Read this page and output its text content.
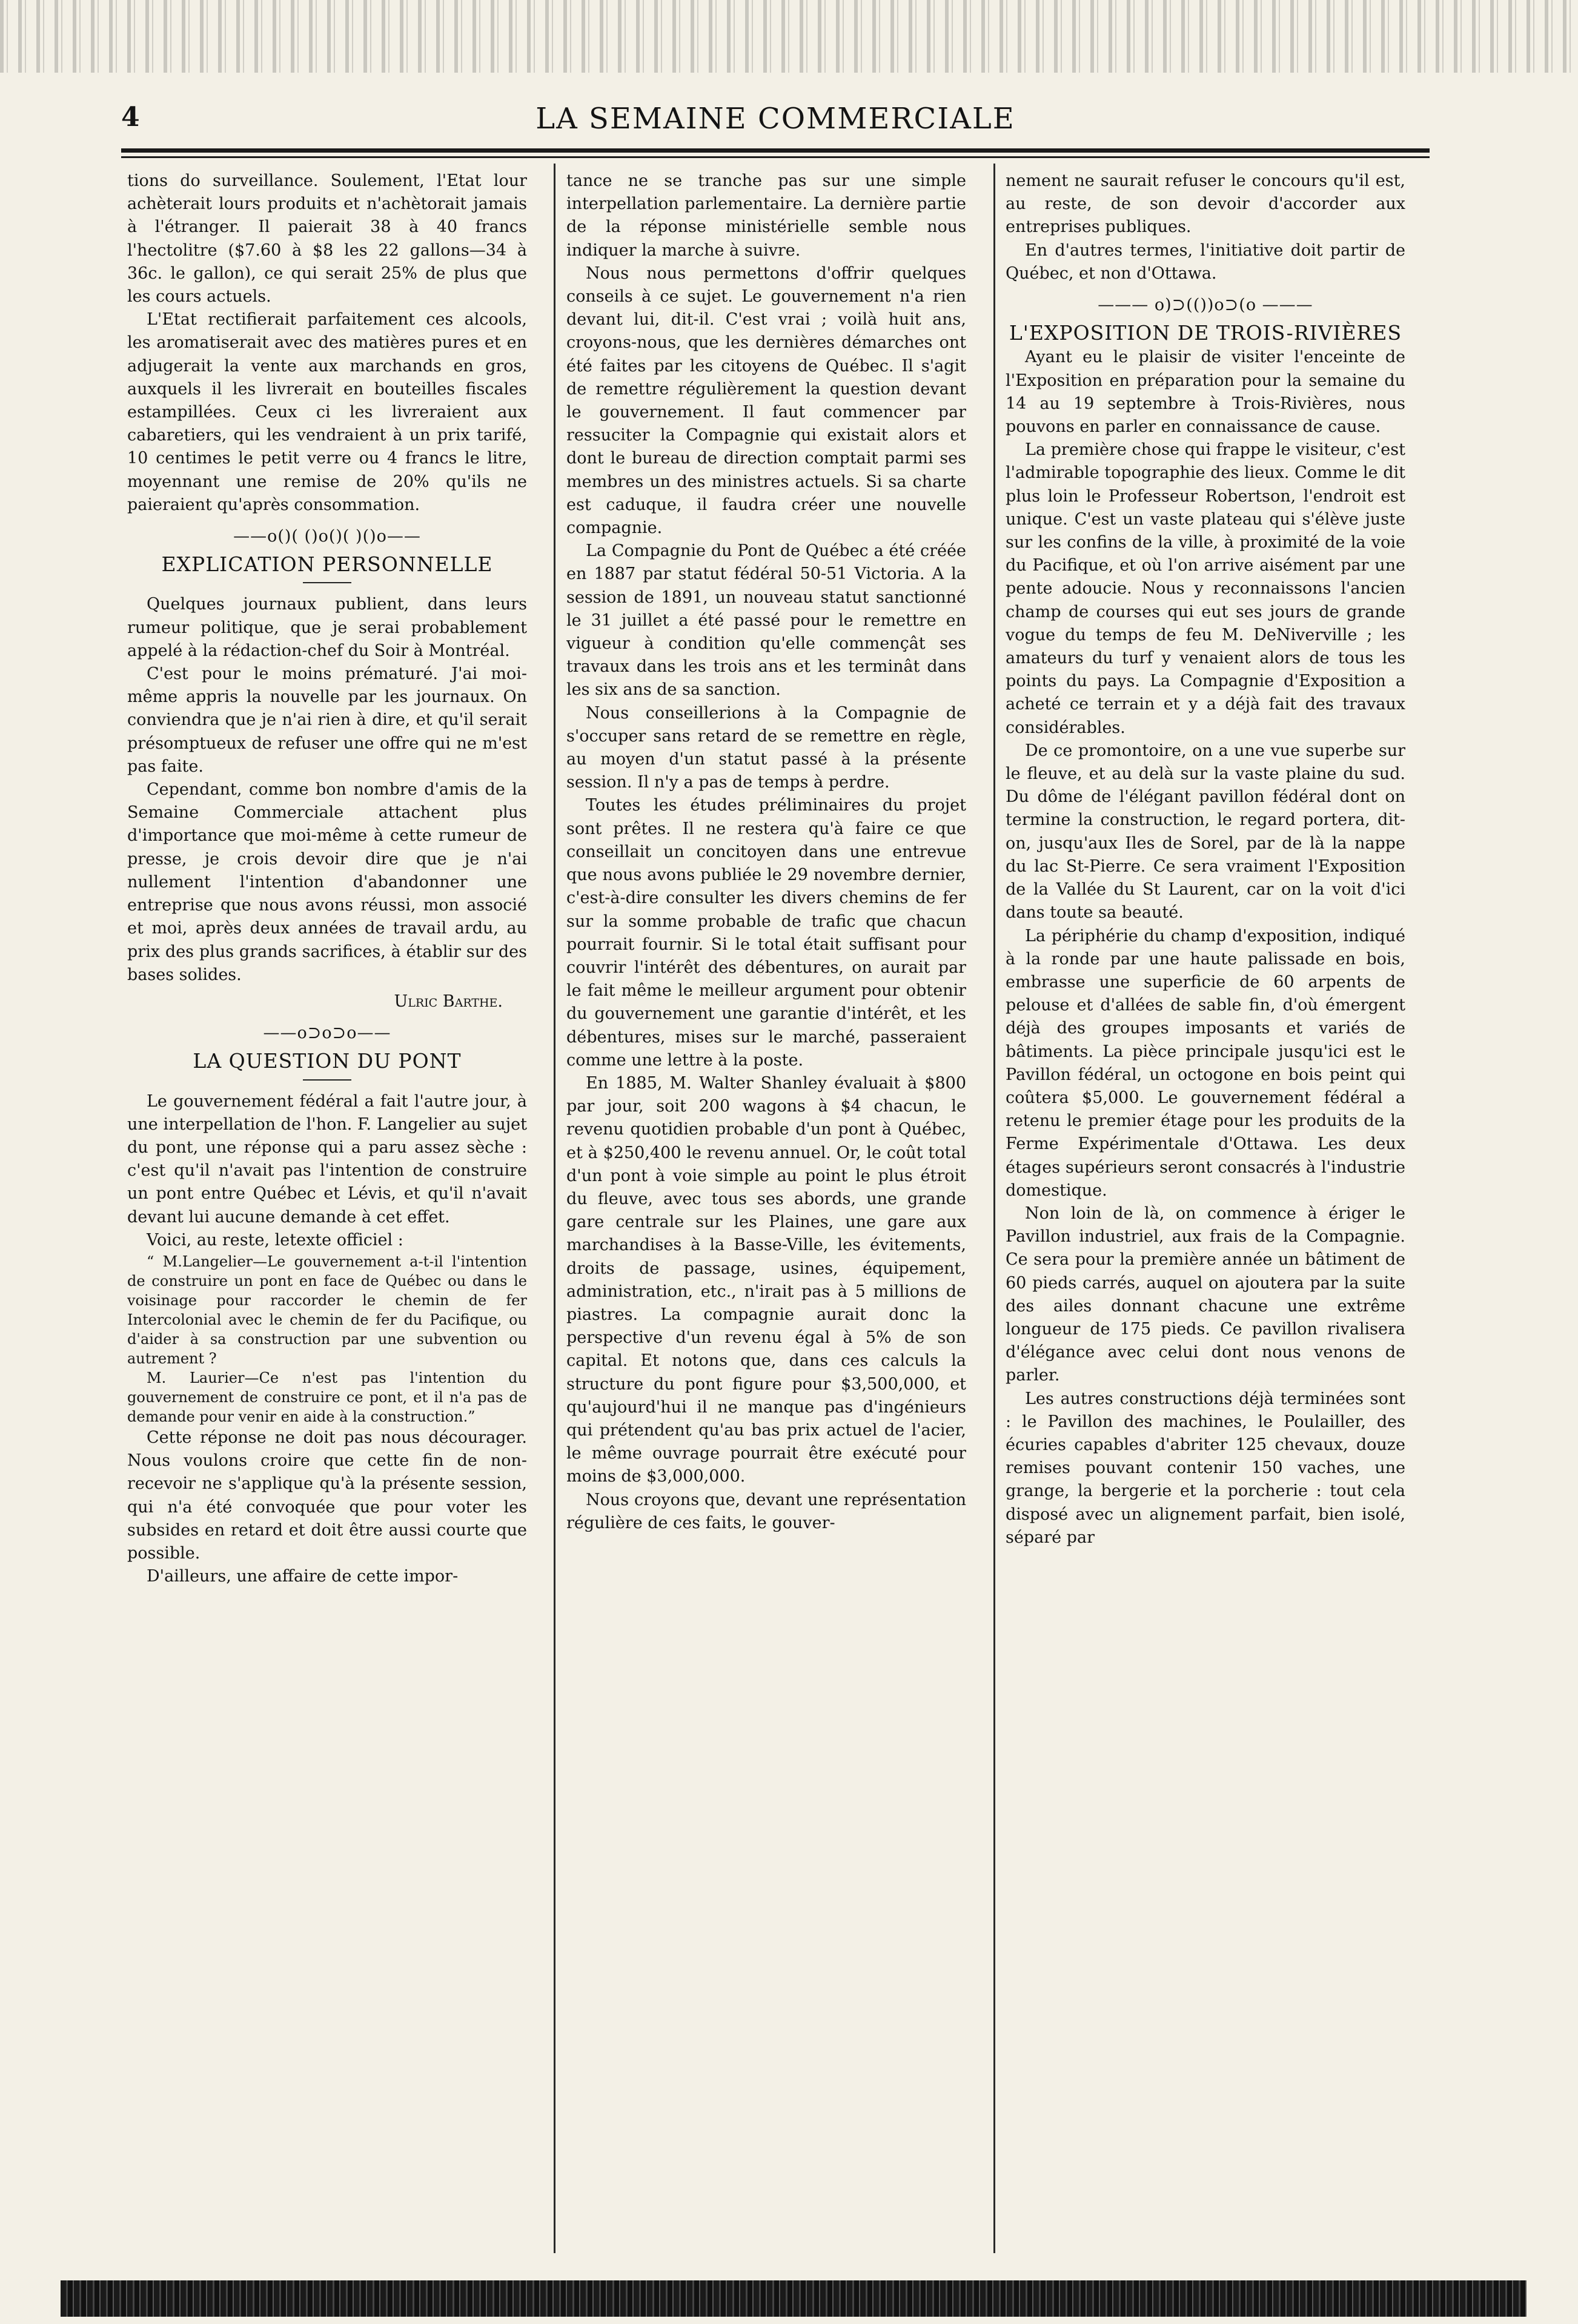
4	LA SEMAINE COMMERCIALE

tions do surveillance. Soulement, l'Etat lour achèterait lours produits et n'achètorait jamais à l'étranger. Il paierait 38 à 40 francs l'hectolitre ($7.60 à $8 les 22 gallons—34 à 36c. le gallon), ce qui serait 25% de plus que les cours actuels.

L'Etat rectifierait parfaitement ces alcools, les aromatiserait avec des matières pures et en adjugerait la vente aux marchands en gros, auxquels il les livrerait en bouteilles fiscales estampillées. Ceux ci les livreraient aux cabaretiers, qui les vendraient à un prix tarifé, 10 centimes le petit verre ou 4 francs le litre, moyennant une remise de 20% qu'ils ne paieraient qu'après consommation.

——o()( ()o()( )()o——
EXPLICATION PERSONNELLE

Quelques journaux publient, dans leurs rumeur politique, que je serai probablement appelé à la rédaction-chef du Soir à Montréal.

C'est pour le moins prématuré. J'ai moi-même appris la nouvelle par les journaux. On conviendra que je n'ai rien à dire, et qu'il serait présomptueux de refuser une offre qui ne m'est pas faite.

Cependant, comme bon nombre d'amis de la Semaine Commerciale attachent plus d'importance que moi-même à cette rumeur de presse, je crois devoir dire que je n'ai nullement l'intention d'abandonner une entreprise que nous avons réussi, mon associé et moi, après deux années de travail ardu, au prix des plus grands sacrifices, à établir sur des bases solides.

Ulric Barthe.
——o⊃o⊃o——
LA QUESTION DU PONT

Le gouvernement fédéral a fait l'autre jour, à une interpellation de l'hon. F. Langelier au sujet du pont, une réponse qui a paru assez sèche : c'est qu'il n'avait pas l'intention de construire un pont entre Québec et Lévis, et qu'il n'avait devant lui aucune demande à cet effet.

Voici, au reste, letexte officiel :

“ M.Langelier—Le gouvernement a-t-il l'intention de construire un pont en face de Québec ou dans le voisinage pour raccorder le chemin de fer Intercolonial avec le chemin de fer du Pacifique, ou d'aider à sa construction par une subvention ou autrement ?

M. Laurier—Ce n'est pas l'intention du gouvernement de construire ce pont, et il n'a pas de demande pour venir en aide à la construction.”

Cette réponse ne doit pas nous décourager. Nous voulons croire que cette fin de non-recevoir ne s'applique qu'à la présente session, qui n'a été convoquée que pour voter les subsides en retard et doit être aussi courte que possible.

D'ailleurs, une affaire de cette impor-

tance ne se tranche pas sur une simple interpellation parlementaire. La dernière partie de la réponse ministérielle semble nous indiquer la marche à suivre.

Nous nous permettons d'offrir quelques conseils à ce sujet. Le gouvernement n'a rien devant lui, dit-il. C'est vrai ; voilà huit ans, croyons-nous, que les dernières démarches ont été faites par les citoyens de Québec. Il s'agit de remettre régulièrement la question devant le gouvernement. Il faut commencer par ressuciter la Compagnie qui existait alors et dont le bureau de direction comptait parmi ses membres un des ministres actuels. Si sa charte est caduque, il faudra créer une nouvelle compagnie.

La Compagnie du Pont de Québec a été créée en 1887 par statut fédéral 50-51 Victoria. A la session de 1891, un nouveau statut sanctionné le 31 juillet a été passé pour le remettre en vigueur à condition qu'elle commençât ses travaux dans les trois ans et les terminât dans les six ans de sa sanction.

Nous conseillerions à la Compagnie de s'occuper sans retard de se remettre en règle, au moyen d'un statut passé à la présente session. Il n'y a pas de temps à perdre.

Toutes les études préliminaires du projet sont prêtes. Il ne restera qu'à faire ce que conseillait un concitoyen dans une entrevue que nous avons publiée le 29 novembre dernier, c'est-à-dire consulter les divers chemins de fer sur la somme probable de trafic que chacun pourrait fournir. Si le total était suffisant pour couvrir l'intérêt des débentures, on aurait par le fait même le meilleur argument pour obtenir du gouvernement une garantie d'intérêt, et les débentures, mises sur le marché, passeraient comme une lettre à la poste.

En 1885, M. Walter Shanley évaluait à $800 par jour, soit 200 wagons à $4 chacun, le revenu quotidien probable d'un pont à Québec, et à $250,400 le revenu annuel. Or, le coût total d'un pont à voie simple au point le plus étroit du fleuve, avec tous ses abords, une grande gare centrale sur les Plaines, une gare aux marchandises à la Basse-Ville, les évitements, droits de passage, usines, équipement, administration, etc., n'irait pas à 5 millions de piastres. La compagnie aurait donc la perspective d'un revenu égal à 5% de son capital. Et notons que, dans ces calculs la structure du pont figure pour $3,500,000, et qu'aujourd'hui il ne manque pas d'ingénieurs qui prétendent qu'au bas prix actuel de l'acier, le même ouvrage pourrait être exécuté pour moins de $3,000,000.

Nous croyons que, devant une représentation régulière de ces faits, le gouver-

nement ne saurait refuser le concours qu'il est, au reste, de son devoir d'accorder aux entreprises publiques.

En d'autres termes, l'initiative doit partir de Québec, et non d'Ottawa.

——— o)⊃(())o⊃(o ———
L'EXPOSITION DE TROIS-RIVIÈRES

Ayant eu le plaisir de visiter l'enceinte de l'Exposition en préparation pour la semaine du 14 au 19 septembre à Trois-Rivières, nous pouvons en parler en connaissance de cause.

La première chose qui frappe le visiteur, c'est l'admirable topographie des lieux. Comme le dit plus loin le Professeur Robertson, l'endroit est unique. C'est un vaste plateau qui s'élève juste sur les confins de la ville, à proximité de la voie du Pacifique, et où l'on arrive aisément par une pente adoucie. Nous y reconnaissons l'ancien champ de courses qui eut ses jours de grande vogue du temps de feu M. DeNiverville ; les amateurs du turf y venaient alors de tous les points du pays. La Compagnie d'Exposition a acheté ce terrain et y a déjà fait des travaux considérables.

De ce promontoire, on a une vue superbe sur le fleuve, et au delà sur la vaste plaine du sud. Du dôme de l'élégant pavillon fédéral dont on termine la construction, le regard portera, dit-on, jusqu'aux Iles de Sorel, par de là la nappe du lac St-Pierre. Ce sera vraiment l'Exposition de la Vallée du St Laurent, car on la voit d'ici dans toute sa beauté.

La périphérie du champ d'exposition, indiqué à la ronde par une haute palissade en bois, embrasse une superficie de 60 arpents de pelouse et d'allées de sable fin, d'où émergent déjà des groupes imposants et variés de bâtiments. La pièce principale jusqu'ici est le Pavillon fédéral, un octogone en bois peint qui coûtera $5,000. Le gouvernement fédéral a retenu le premier étage pour les produits de la Ferme Expérimentale d'Ottawa. Les deux étages supérieurs seront consacrés à l'industrie domestique.

Non loin de là, on commence à ériger le Pavillon industriel, aux frais de la Compagnie. Ce sera pour la première année un bâtiment de 60 pieds carrés, auquel on ajoutera par la suite des ailes donnant chacune une extrême longueur de 175 pieds. Ce pavillon rivalisera d'élégance avec celui dont nous venons de parler.

Les autres constructions déjà terminées sont : le Pavillon des machines, le Poulailler, des écuries capables d'abriter 125 chevaux, douze remises pouvant contenir 150 vaches, une grange, la bergerie et la porcherie : tout cela disposé avec un alignement parfait, bien isolé, séparé par
